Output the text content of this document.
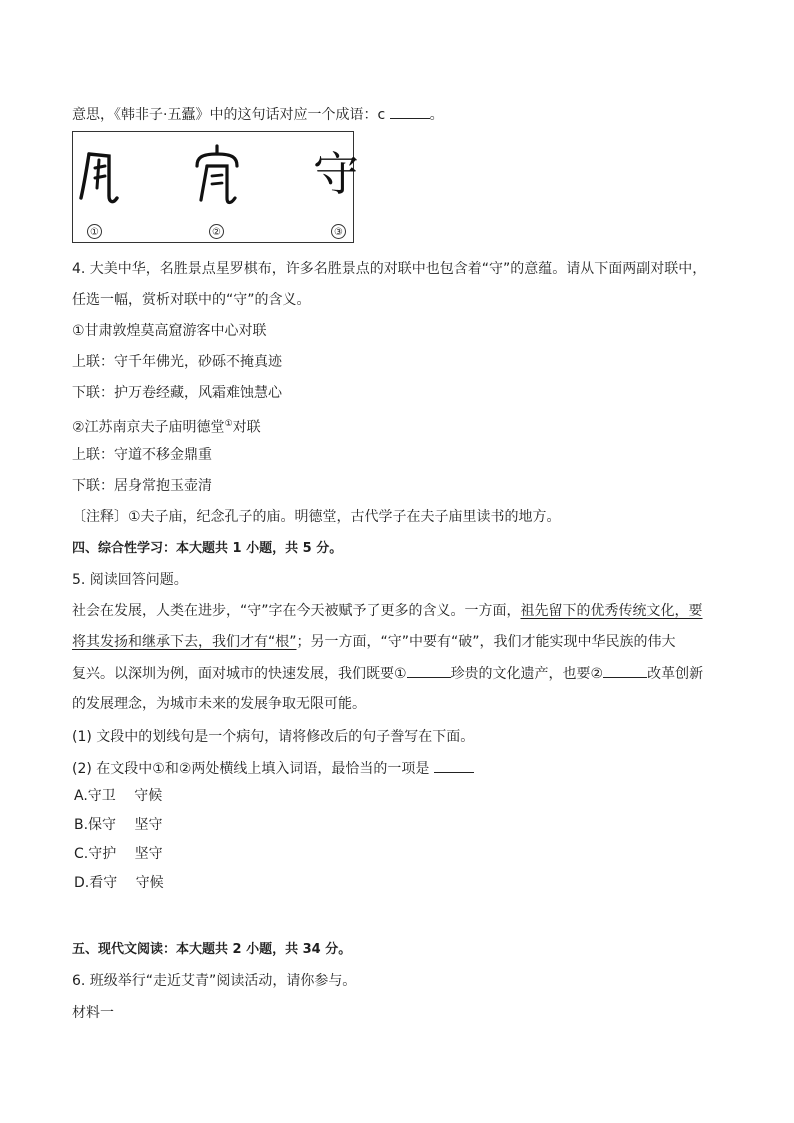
意思，《韩非子·五蠹》中的这句话对应一个成语：c	。
守
①	②	③
4. 大美中华，名胜景点星罗棋布，许多名胜景点的对联中也包含着“守”的意蕴。请从下面两副对联中，
任选一幅，赏析对联中的“守”的含义。
①甘肃敦煌莫高窟游客中心对联
上联：守千年佛光，砂砾不掩真迹
下联：护万卷经藏，风霜难蚀慧心
②江苏南京夫子庙明德堂①对联
上联：守道不移金鼎重
下联：居身常抱玉壶清
〔注释〕①夫子庙，纪念孔子的庙。明德堂，古代学子在夫子庙里读书的地方。
四、综合性学习：本大题共 1 小题，共 5 分。
5. 阅读回答问题。
社会在发展，人类在进步，“守”字在今天被赋予了更多的含义。一方面，祖先留下的优秀传统文化，要
将其发扬和继承下去，我们才有“根”；另一方面，“守”中要有“破”，我们才能实现中华民族的伟大
复兴。以深圳为例，面对城市的快速发展，我们既要①	珍贵的文化遗产，也要②	改革创新
的发展理念，为城市未来的发展争取无限可能。
(1) 文段中的划线句是一个病句，请将修改后的句子誊写在下面。
(2) 在文段中①和②两处横线上填入词语，最恰当的一项是
A.守卫　 守候
B.保守　 坚守
C.守护　 坚守
D.看守　 守候
五、现代文阅读：本大题共 2 小题，共 34 分。
6. 班级举行“走近艾青”阅读活动，请你参与。
材料一
